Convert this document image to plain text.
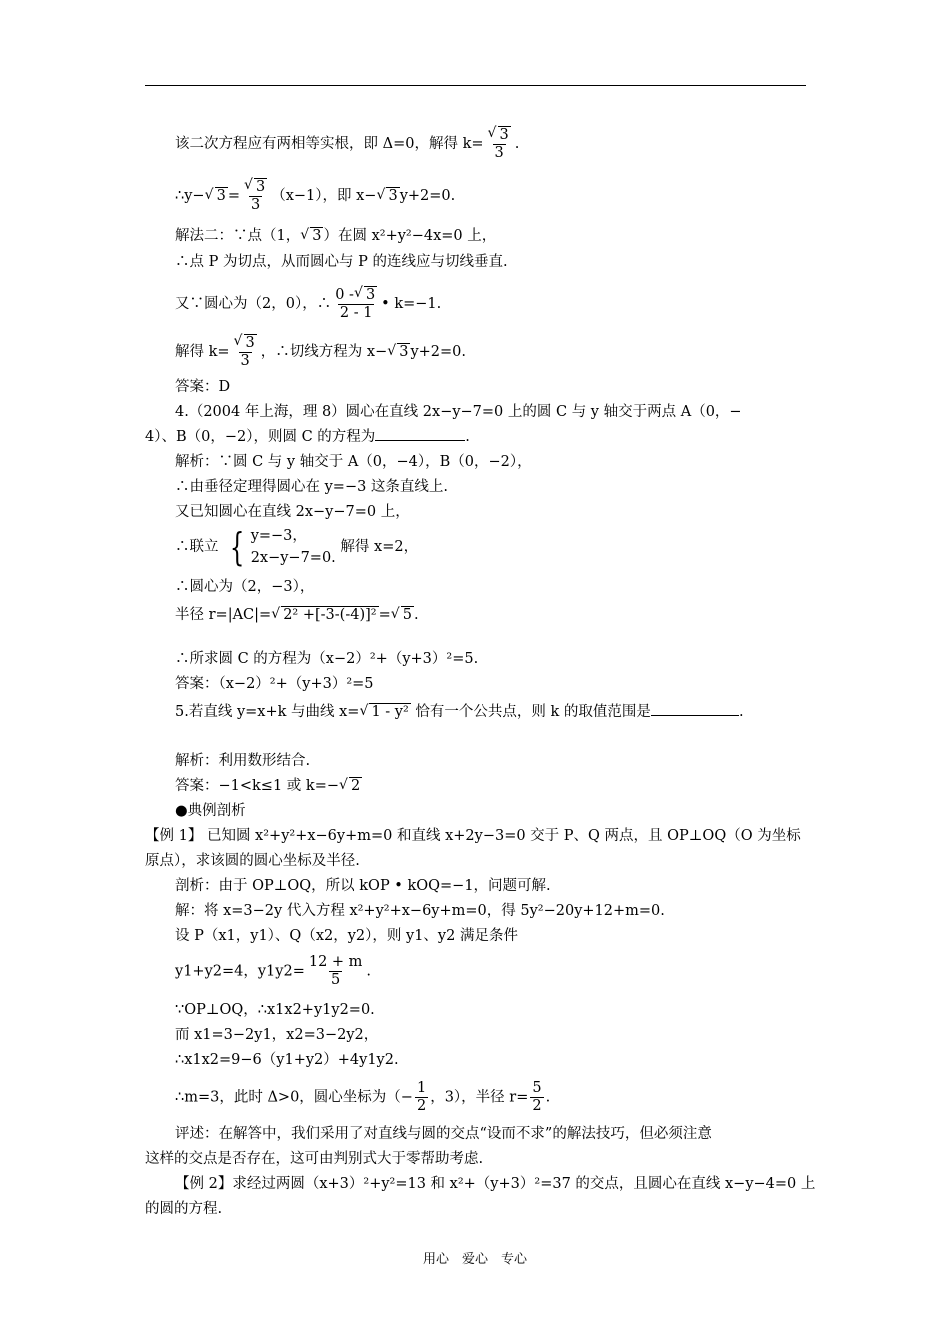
该二次方程应有两相等实根，即 Δ=0，解得 k= √ $\frac{3}{3}$ .
∴y− √ 3 = √ $\frac{3}{3} (x-1)$，即 x− √ 3 y+2=0.
解法二：∵点（1， √ 3 ）在圆 x²+y²−4x=0 上，
∴点 P 为切点，从而圆心与 P 的连线应与切线垂直.
又∵圆心为（2，0），∴ $\frac{0 - √ 3}{2 - 1}$ • k=−1.
解得 k= √ $\frac{3}{3}$ ，∴切线方程为 x− √ 3 y+2=0.
答案：D
4.（2004 年上海，理 8）圆心在直线 2x−y−7=0 上的圆 C 与 y 轴交于两点 A（0，−
4）、B（0，−2），则圆 C 的方程为	.
解析：∵圆 C 与 y 轴交于 A（0，−4），B（0，−2），
∴由垂径定理得圆心在 y=−3 这条直线上.
又已知圆心在直线 2x−y−7=0 上，
∴联立 { y=−3，
2x−y−7=0.
解得 x=2，
∴圆心为（2，−3），
半径 r=|AC|= √ 2² +[-3-(-4)]² = √ 5 .
∴所求圆 C 的方程为（x−2）²+（y+3）²=5.
答案：（x−2）²+（y+3）²=5
5.若直线 y=x+k 与曲线 x= √ 1 - y² 恰有一个公共点，则 k 的取值范围是	.
解析：利用数形结合.
答案：−1<k≤1 或 k=− √ 2
●典例剖析
【例 1】 已知圆 x²+y²+x−6y+m=0 和直线 x+2y−3=0 交于 P、Q 两点，且 OP⊥OQ（O 为坐标
原点），求该圆的圆心坐标及半径.
剖析：由于 OP⊥OQ，所以 kOP • kOQ=−1，问题可解.
解：将 x=3−2y 代入方程 x²+y²+x−6y+m=0，得 5y²−20y+12+m=0.
设 P（x1，y1）、Q（x2，y2），则 y1、y2 满足条件
y1+y2=4，$y1y2= \frac{12 + m}{5}$ .
∵OP⊥OQ，∴x1x2+y1y2=0.
而 x1=3−2y1，x2=3−2y2，
∴x1x2=9−6（y1+y2）+4y1y2.
∴m=3，此时 Δ>0，圆心坐标为（− $\frac{1}{2}$ ，3），半径 $r= \frac{5}{2}$ .
评述：在解答中，我们采用了对直线与圆的交点“设而不求”的解法技巧，但必须注意
这样的交点是否存在，这可由判别式大于零帮助考虑.
【例 2】求经过两圆（x+3）²+y²=13 和 x²+（y+3）²=37 的交点，且圆心在直线 x−y−4=0 上
的圆的方程.
用心　爱心　专心
